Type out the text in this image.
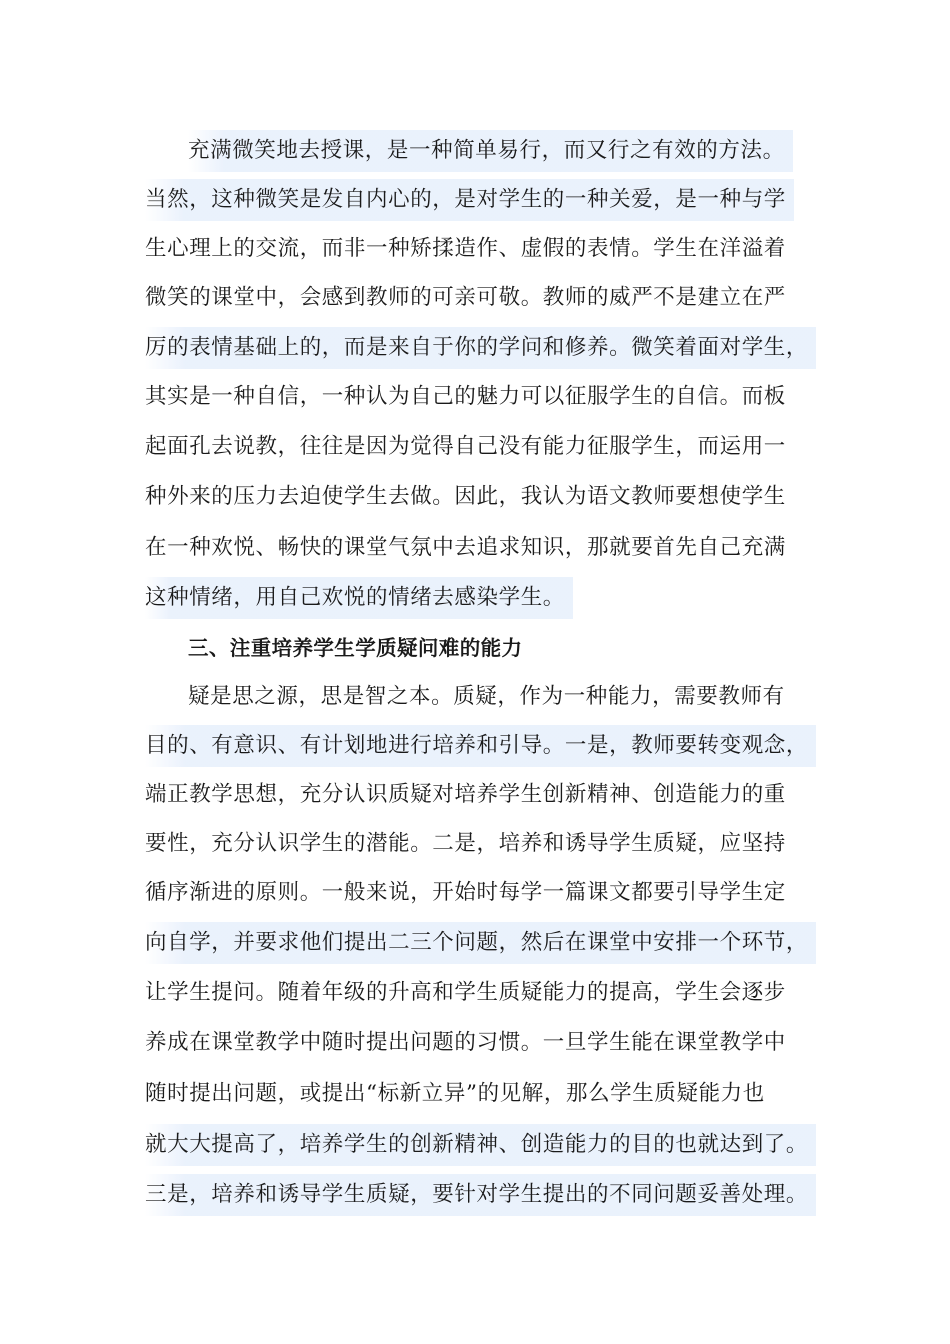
充满微笑地去授课，是一种简单易行，而又行之有效的方法。
当然，这种微笑是发自内心的，是对学生的一种关爱，是一种与学
生心理上的交流，而非一种矫揉造作、虚假的表情。学生在洋溢着
微笑的课堂中，会感到教师的可亲可敬。教师的威严不是建立在严
厉的表情基础上的，而是来自于你的学问和修养。微笑着面对学生，
其实是一种自信，一种认为自己的魅力可以征服学生的自信。而板
起面孔去说教，往往是因为觉得自己没有能力征服学生，而运用一
种外来的压力去迫使学生去做。因此，我认为语文教师要想使学生
在一种欢悦、畅快的课堂气氛中去追求知识，那就要首先自己充满
这种情绪，用自己欢悦的情绪去感染学生。
三、注重培养学生学质疑问难的能力
疑是思之源，思是智之本。质疑，作为一种能力，需要教师有
目的、有意识、有计划地进行培养和引导。一是，教师要转变观念，
端正教学思想，充分认识质疑对培养学生创新精神、创造能力的重
要性，充分认识学生的潜能。二是，培养和诱导学生质疑，应坚持
循序渐进的原则。一般来说，开始时每学一篇课文都要引导学生定
向自学，并要求他们提出二三个问题，然后在课堂中安排一个环节，
让学生提问。随着年级的升高和学生质疑能力的提高，学生会逐步
养成在课堂教学中随时提出问题的习惯。一旦学生能在课堂教学中
随时提出问题，或提出“标新立异”的见解，那么学生质疑能力也
就大大提高了，培养学生的创新精神、创造能力的目的也就达到了。
三是，培养和诱导学生质疑，要针对学生提出的不同问题妥善处理。
